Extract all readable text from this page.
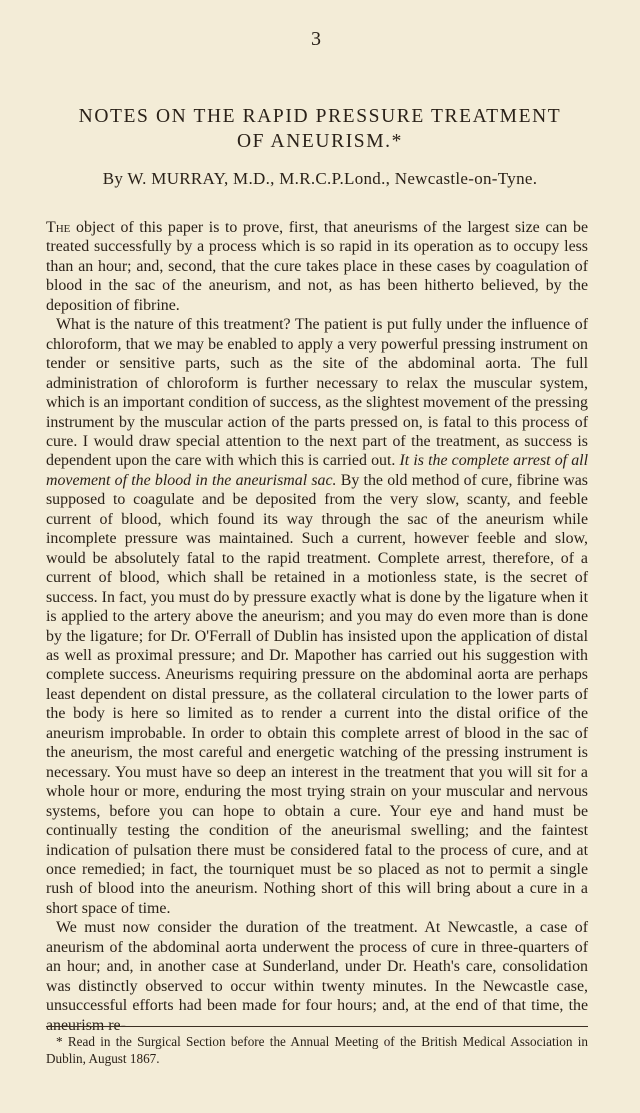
3
NOTES ON THE RAPID PRESSURE TREATMENT
OF ANEURISM.*
By W. MURRAY, M.D., M.R.C.P.Lond., Newcastle-on-Tyne.

The object of this paper is to prove, first, that aneurisms of the largest size can be treated successfully by a process which is so rapid in its operation as to occupy less than an hour; and, second, that the cure takes place in these cases by coagulation of blood in the sac of the aneurism, and not, as has been hitherto believed, by the deposition of fibrine.

What is the nature of this treatment? The patient is put fully under the influence of chloroform, that we may be enabled to apply a very powerful pressing instrument on tender or sensitive parts, such as the site of the abdominal aorta. The full administration of chloroform is further necessary to relax the muscular system, which is an important condition of success, as the slightest movement of the pressing instrument by the muscular action of the parts pressed on, is fatal to this process of cure. I would draw special attention to the next part of the treatment, as success is dependent upon the care with which this is carried out. It is the complete arrest of all movement of the blood in the aneurismal sac. By the old method of cure, fibrine was supposed to coagulate and be deposited from the very slow, scanty, and feeble current of blood, which found its way through the sac of the aneurism while incomplete pressure was maintained. Such a current, however feeble and slow, would be absolutely fatal to the rapid treatment. Complete arrest, therefore, of a current of blood, which shall be retained in a motionless state, is the secret of success. In fact, you must do by pressure exactly what is done by the ligature when it is applied to the artery above the aneurism; and you may do even more than is done by the ligature; for Dr. O'Ferrall of Dublin has insisted upon the application of distal as well as proximal pressure; and Dr. Mapother has carried out his suggestion with complete success. Aneurisms requiring pressure on the abdominal aorta are perhaps least dependent on distal pressure, as the collateral circulation to the lower parts of the body is here so limited as to render a current into the distal orifice of the aneurism improbable. In order to obtain this complete arrest of blood in the sac of the aneurism, the most careful and energetic watching of the pressing instrument is necessary. You must have so deep an interest in the treatment that you will sit for a whole hour or more, enduring the most trying strain on your muscular and nervous systems, before you can hope to obtain a cure. Your eye and hand must be continually testing the condition of the aneurismal swelling; and the faintest indication of pulsation there must be considered fatal to the process of cure, and at once remedied; in fact, the tourniquet must be so placed as not to permit a single rush of blood into the aneurism. Nothing short of this will bring about a cure in a short space of time.

We must now consider the duration of the treatment. At Newcastle, a case of aneurism of the abdominal aorta underwent the process of cure in three-quarters of an hour; and, in another case at Sunderland, under Dr. Heath's care, consolidation was distinctly observed to occur within twenty minutes. In the Newcastle case, unsuccessful efforts had been made for four hours; and, at the end of that time, the aneurism re-

* Read in the Surgical Section before the Annual Meeting of the British Medical Association in Dublin, August 1867.
